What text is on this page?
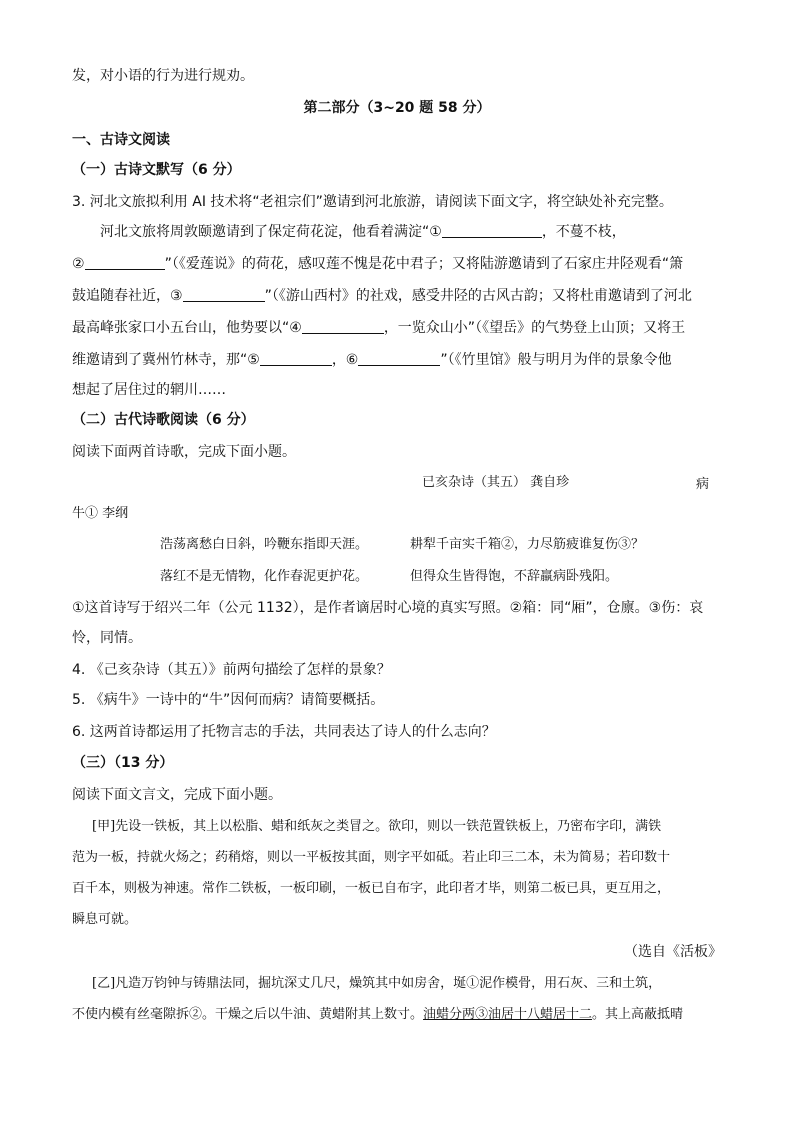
发，对小语的行为进行规劝。
第二部分（3~20 题 58 分）
一、古诗文阅读
（一）古诗文默写（6 分）
3. 河北文旅拟利用 AI 技术将“老祖宗们”邀请到河北旅游，请阅读下面文字，将空缺处补充完整。
河北文旅将周敦颐邀请到了保定荷花淀，他看着满淀“①	，不蔓不枝，
②	”（《爱莲说》的荷花，感叹莲不愧是花中君子；又将陆游邀请到了石家庄井陉观看“箫
鼓追随春社近，③	”（《游山西村》的社戏，感受井陉的古风古韵；又将杜甫邀请到了河北
最高峰张家口小五台山，他势要以“④	，一览众山小”（《望岳》的气势登上山顶；又将王
维邀请到了冀州竹林寺，那“⑤	，⑥	”（《竹里馆》般与明月为伴的景象令他
想起了居住过的辋川……
（二）古代诗歌阅读（6 分）
阅读下面两首诗歌，完成下面小题。
已亥杂诗（其五） 龚自珍	病
牛① 李纲
浩荡离愁白日斜，吟鞭东指即天涯。	耕犁千亩实千箱②，力尽筋疲谁复伤③？
落红不是无情物，化作春泥更护花。	但得众生皆得饱，不辞羸病卧残阳。
①这首诗写于绍兴二年（公元 1132），是作者谪居时心境的真实写照。②箱：同“厢”，仓廪。③伤：哀
怜，同情。
4. 《己亥杂诗（其五）》前两句描绘了怎样的景象？
5. 《病牛》一诗中的“牛”因何而病？请简要概括。
6. 这两首诗都运用了托物言志的手法，共同表达了诗人的什么志向？
（三）（13 分）
阅读下面文言文，完成下面小题。
[甲]先设一铁板，其上以松脂、蜡和纸灰之类冒之。欲印，则以一铁范置铁板上，乃密布字印，满铁
范为一板，持就火炀之；药稍熔，则以一平板按其面，则字平如砥。若止印三二本，未为简易；若印数十
百千本，则极为神速。常作二铁板，一板印刷，一板已自布字，此印者才毕，则第二板已具，更互用之，
瞬息可就。
（选自《活板》
[乙]凡造万钧钟与铸鼎法同，掘坑深丈几尺，燥筑其中如房舍，埏①泥作模骨，用石灰、三和土筑，
不使内模有丝毫隙拆②。干燥之后以牛油、黄蜡附其上数寸。油蜡分两③油居十八蜡居十二。其上高蔽抵晴
